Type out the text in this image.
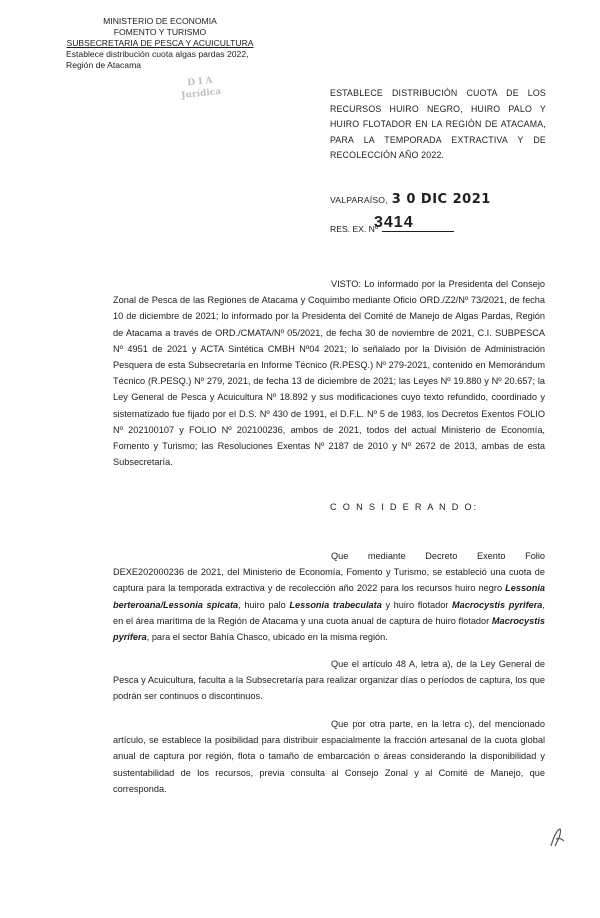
MINISTERIO DE ECONOMIA
FOMENTO Y TURISMO
SUBSECRETARIA DE PESCA Y ACUICULTURA
Establece distribución cuota algas pardas 2022,
Región de Atacama
D I A
Jurídica	ESTABLECE DISTRIBUCIÓN CUOTA DE LOS RECURSOS HUIRO NEGRO, HUIRO PALO Y HUIRO FLOTADOR EN LA REGIÓN DE ATACAMA, PARA LA TEMPORADA EXTRACTIVA Y DE RECOLECCIÓN AÑO 2022.
VALPARAÍSO, 3 0 DIC 2021
RES. EX. Nº
3414
VISTO: Lo informado por la Presidenta del Consejo Zonal de Pesca de las Regiones de Atacama y Coquimbo mediante Oficio ORD./Z2/Nº 73/2021, de fecha 10 de diciembre de 2021; lo informado por la Presidenta del Comité de Manejo de Algas Pardas, Región de Atacama a través de ORD./CMATA/Nº 05/2021, de fecha 30 de noviembre de 2021, C.I. SUBPESCA Nº 4951 de 2021 y ACTA Sintética CMBH Nº04 2021; lo señalado por la División de Administración Pesquera de esta Subsecretaría en Informe Técnico (R.PESQ.) Nº 279-2021, contenido en Memorándum Técnico (R.PESQ.) Nº 279, 2021, de fecha 13 de diciembre de 2021; las Leyes Nº 19.880 y Nº 20.657; la Ley General de Pesca y Acuicultura Nº 18.892 y sus modificaciones cuyo texto refundido, coordinado y sistematizado fue fijado por el D.S. Nº 430 de 1991, el D.F.L. Nº 5 de 1983, los Decretos Exentos FOLIO Nº 202100107 y FOLIO Nº 202100236, ambos de 2021, todos del actual Ministerio de Economía, Fomento y Turismo; las Resoluciones Exentas Nº 2187 de 2010 y Nº 2672 de 2013, ambas de esta Subsecretaría.
C O N S I D E R A N D O:
Que mediante Decreto Exento Folio DEXE202000236 de 2021, del Ministerio de Economía, Fomento y Turismo, se estableció una cuota de captura para la temporada extractiva y de recolección año 2022 para los recursos huiro negro Lessonia berteroana/Lessonia spicata, huiro palo Lessonia trabeculata y huiro flotador Macrocystis pyrifera, en el área marítima de la Región de Atacama y una cuota anual de captura de huiro flotador Macrocystis pyrifera, para el sector Bahía Chasco, ubicado en la misma región.
Que el artículo 48 A, letra a), de la Ley General de Pesca y Acuicultura, faculta a la Subsecretaría para realizar organizar días o períodos de captura, los que podrán ser continuos o discontinuos.
Que por otra parte, en la letra c), del mencionado artículo, se establece la posibilidad para distribuir espacialmente la fracción artesanal de la cuota global anual de captura por región, flota o tamaño de embarcación o áreas considerando la disponibilidad y sustentabilidad de los recursos, previa consulta al Consejo Zonal y al Comité de Manejo, que corresponda.
